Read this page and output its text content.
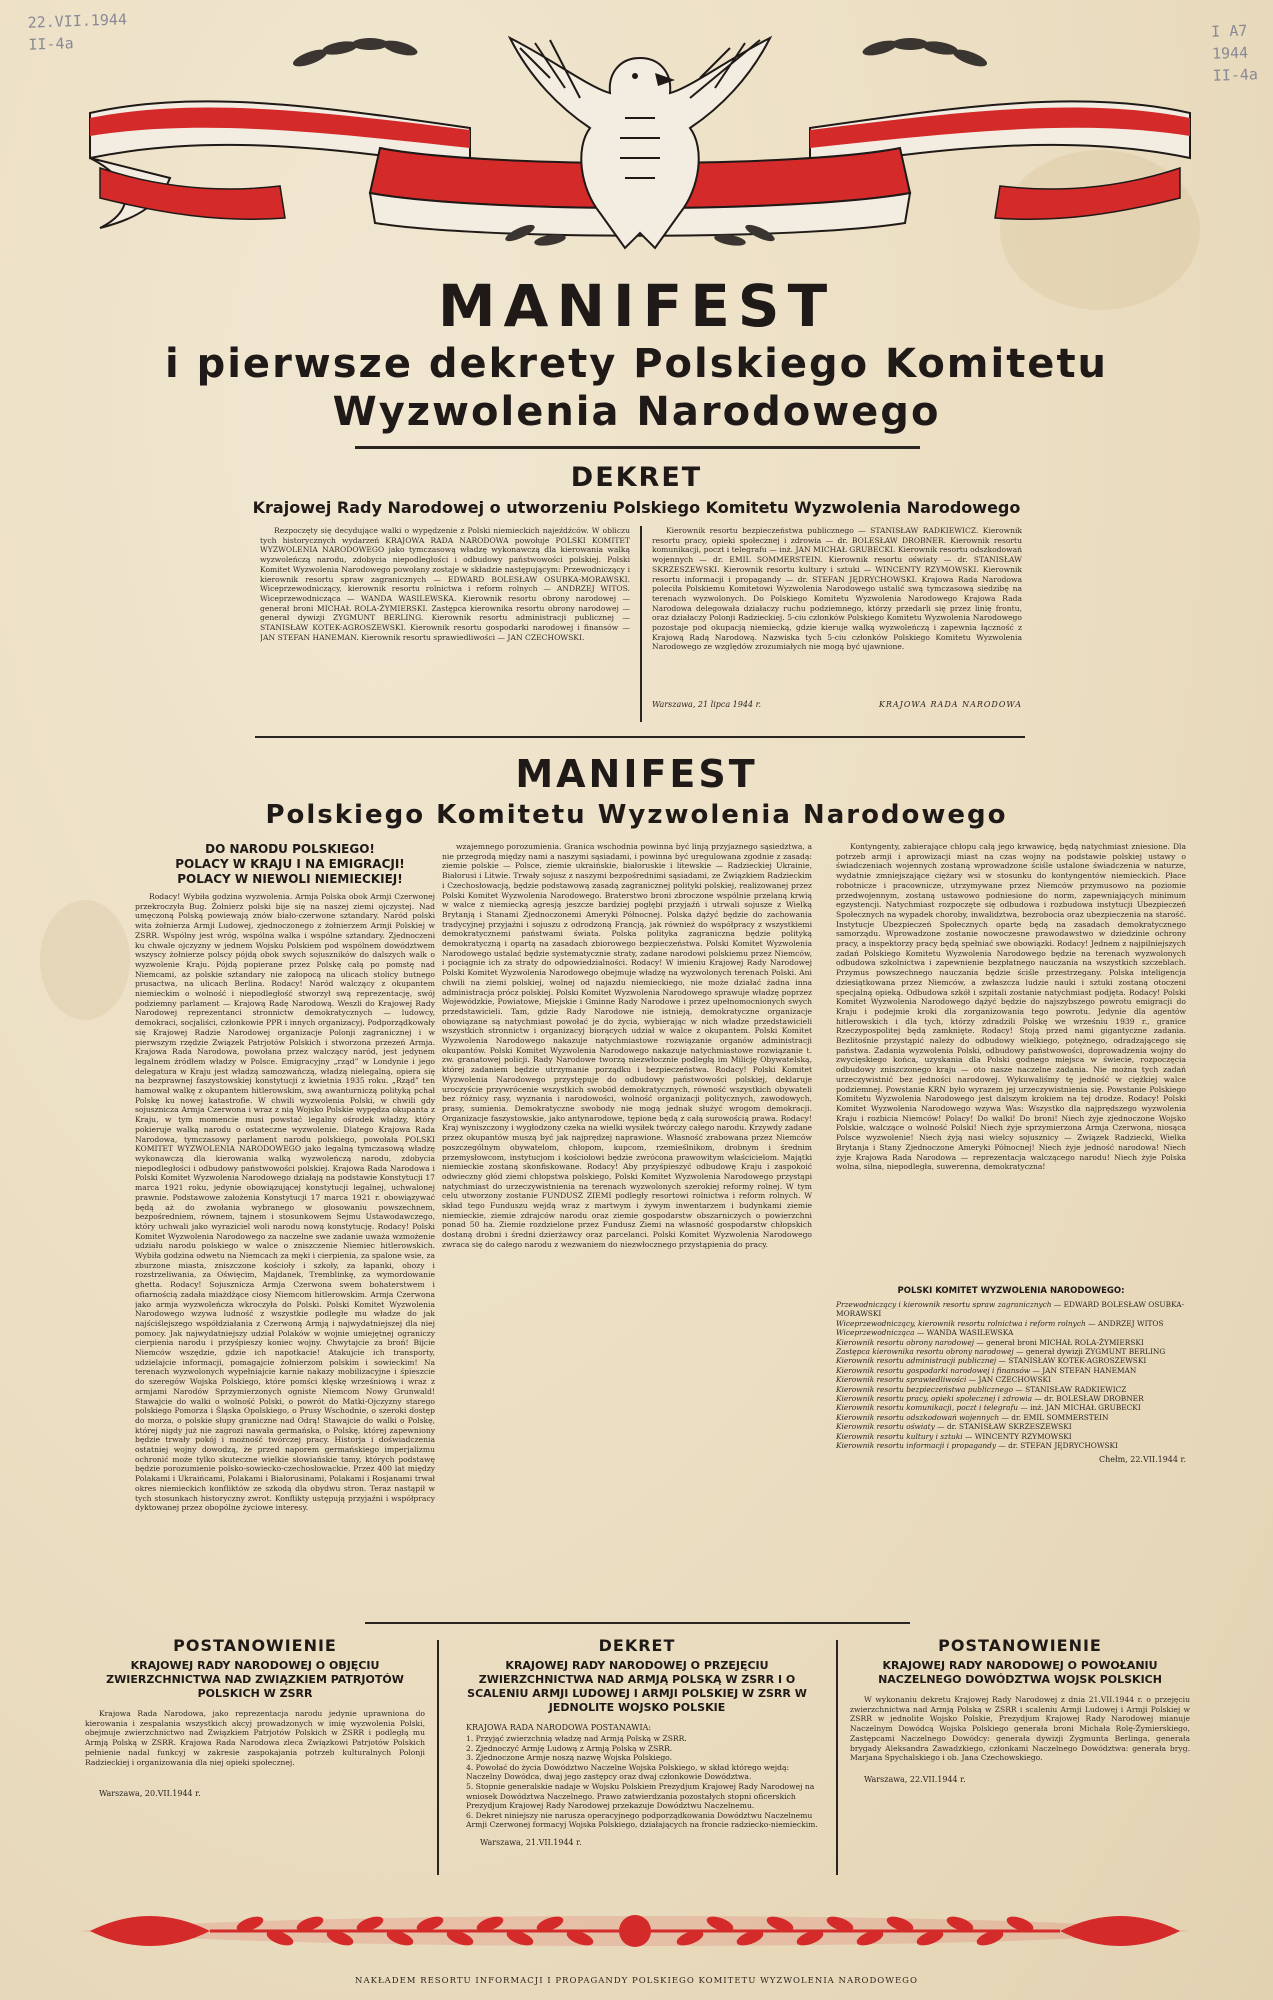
22.VII.1944
II-4a
I A7
1944
II-4a
MANIFEST
i pierwsze dekrety Polskiego Komitetu
Wyzwolenia Narodowego
DEKRET
Krajowej Rady Narodowej o utworzeniu Polskiego Komitetu Wyzwolenia Narodowego

Rezpoczęty się decydujące walki o wypędzenie z Polski niemieckich najeźdźców. W obliczu tych historycznych wydarzeń KRAJOWA RADA NARODOWA powołuje POLSKI KOMITET WYZWOLENIA NARODOWEGO jako tymczasową władzę wykonawczą dla kierowania walką wyzwoleńczą narodu, zdobycia niepodległości i odbudowy państwowości polskiej. Polski Komitet Wyzwolenia Narodowego powołany zostaje w składzie następującym: Przewodniczący i kierownik resortu spraw zagranicznych — EDWARD BOLESŁAW OSUBKA-MORAWSKI. Wiceprzewodniczący, kierownik resortu rolnictwa i reform rolnych — ANDRZEJ WITOS. Wiceprzewodnicząca — WANDA WASILEWSKA. Kierownik resortu obrony narodowej — generał broni MICHAŁ ROLA-ŻYMIERSKI. Zastępca kierownika resortu obrony narodowej — generał dywizji ZYGMUNT BERLING. Kierownik resortu administracji publicznej — STANISŁAW KOTEK-AGROSZEWSKI. Kierownik resortu gospodarki narodowej i finansów — JAN STEFAN HANEMAN. Kierownik resortu sprawiedliwości — JAN CZECHOWSKI.

Kierownik resortu bezpieczeństwa publicznego — STANISŁAW RADKIEWICZ. Kierownik resortu pracy, opieki społecznej i zdrowia — dr. BOLESŁAW DROBNER. Kierownik resortu komunikacji, poczt i telegrafu — inż. JAN MICHAŁ GRUBECKI. Kierownik resortu odszkodowań wojennych — dr. EMIL SOMMERSTEIN. Kierownik resortu oświaty — dr. STANISŁAW SKRZESZEWSKI. Kierownik resortu kultury i sztuki — WINCENTY RZYMOWSKI. Kierownik resortu informacji i propagandy — dr. STEFAN JĘDRYCHOWSKI. Krajowa Rada Narodowa poleciła Polskiemu Komitetowi Wyzwolenia Narodowego ustalić swą tymczasową siedzibę na terenach wyzwolonych. Do Polskiego Komitetu Wyzwolenia Narodowego Krajowa Rada Narodowa delegowała działaczy ruchu podziemnego, którzy przedarli się przez linię frontu, oraz działaczy Polonji Radzieckiej. 5-ciu członków Polskiego Komitetu Wyzwolenia Narodowego pozostaje pod okupacją niemiecką, gdzie kieruje walką wyzwoleńczą i zapewnia łączność z Krajową Radą Narodową. Nazwiska tych 5-ciu członków Polskiego Komitetu Wyzwolenia Narodowego ze względów zrozumiałych nie mogą być ujawnione.

Warszawa, 21 lipca 1944 r.	KRAJOWA RADA NARODOWA
MANIFEST
Polskiego Komitetu Wyzwolenia Narodowego
DO NARODU POLSKIEGO!
POLACY W KRAJU I NA EMIGRACJI!
POLACY W NIEWOLI NIEMIECKIEJ!

Rodacy! Wybiła godzina wyzwolenia. Armja Polska obok Armji Czerwonej przekroczyła Bug. Żołnierz polski bije się na naszej ziemi ojczystej. Nad umęczoną Polską powiewają znów biało-czerwone sztandary. Naród polski wita żołnierza Armji Ludowej, zjednoczonego z żołnierzem Armji Polskiej w ZSRR. Wspólny jest wróg, wspólna walka i wspólne sztandary. Zjednoczeni ku chwale ojczyzny w jednem Wojsku Polskiem pod wspólnem dowództwem wszyscy żołnierze polscy pójdą obok swych sojuszników do dalszych walk o wyzwolenie Kraju. Pójdą popierane przez Polskę całą po pomstę nad Niemcami, az polskie sztandary nie załopocą na ulicach stolicy butnego prusactwa, na ulicach Berlina. Rodacy! Naród walczący z okupantem niemieckim o wolność i niepodległość stworzył swą reprezentację, swój podziemny parlament — Krajową Radę Narodową. Weszli do Krajowej Rady Narodowej reprezentanci stronnictw demokratycznych — ludowcy, demokraci, socjaliści, członkowie PPR i innych organizacyj. Podporządkowały się Krajowej Radzie Narodowej organizacje Polonji zagranicznej i w pierwszym rzędzie Związek Patrjotów Polskich i stworzona przezeń Armja. Krajowa Rada Narodowa, powołana przez walczący naród, jest jedynem legalnem źródłem władzy w Polsce. Emigracyjny „rząd” w Londynie i jego delegatura w Kraju jest władzą samozwańczą, władzą nielegalną, opiera się na bezprawnej faszystowskiej konstytucji z kwietnia 1935 roku. „Rząd” ten hamował walkę z okupantem hitlerowskim, swą awanturniczą polityką pchał Polskę ku nowej katastrofie. W chwili wyzwolenia Polski, w chwili gdy sojusznicza Armja Czerwona i wraz z nią Wojsko Polskie wypędza okupanta z Kraju, w tym momencie musi powstać legalny ośrodek władzy, który pokieruje walką narodu o ostateczne wyzwolenie. Dlatego Krajowa Rada Narodowa, tymczasowy parlament narodu polskiego, powołała POLSKI KOMITET WYZWOLENIA NARODOWEGO jako legalną tymczasową władzę wykonawczą dla kierowania walką wyzwoleńczą narodu, zdobycia niepodległości i odbudowy państwowości polskiej. Krajowa Rada Narodowa i Polski Komitet Wyzwolenia Narodowego działają na podstawie Konstytucji 17 marca 1921 roku, jedynie obowiązującej konstytucji legalnej, uchwalonej prawnie. Podstawowe założenia Konstytucji 17 marca 1921 r. obowiązywać będą aż do zwołania wybranego w głosowaniu powszechnem, bezpośredniem, równem, tajnem i stosunkowem Sejmu Ustawodawczego, który uchwali jako wyraziciel woli narodu nową konstytucję. Rodacy! Polski Komitet Wyzwolenia Narodowego za naczelne swe zadanie uważa wzmożenie udziału narodu polskiego w walce o zniszczenie Niemiec hitlerowskich. Wybiła godzina odwetu na Niemcach za męki i cierpienia, za spalone wsie, za zburzone miasta, zniszczone kościoły i szkoły, za łapanki, obozy i rozstrzeliwania, za Oświęcim, Majdanek, Tremblinkę, za wymordowanie ghetta. Rodacy! Sojusznicza Armja Czerwona swem bohaterstwem i ofiarnością zadała miażdżące ciosy Niemcom hitlerowskim. Armja Czerwona jako armja wyzwoleńcza wkroczyła do Polski. Polski Komitet Wyzwolenia Narodowego wzywa ludność z wszystkie podległe mu władze do jak najściślejszego współdziałania z Czerwoną Armją i najwydatniejszej dla niej pomocy. Jak najwydatniejszy udział Polaków w wojnie umiejętnej ograniczy cierpienia narodu i przyśpieszy koniec wojny. Chwytajcie za broń! Bijcie Niemców wszędzie, gdzie ich napotkacie! Atakujcie ich transporty, udzielajcie informacji, pomagajcie żołnierzom polskim i sowieckim! Na terenach wyzwolonych wypełniajcie karnie nakazy mobilizacyjne i śpieszcie do szeregów Wojska Polskiego, które pomści klęskę wrześniową i wraz z armjami Narodów Sprzymierzonych ogniste Niemcom Nowy Grunwald! Stawajcie do walki o wolność Polski, o powrót do Matki-Ojczyzny starego polskiego Pomorza i Śląska Opolskiego, o Prusy Wschodnie, o szeroki dostęp do morza, o polskie słupy graniczne nad Odrą! Stawajcie do walki o Polskę, której nigdy już nie zagrozi nawała germańska, o Polskę, której zapewniony będzie trwały pokój i możność twórczej pracy. Historja i doświadczenia ostatniej wojny dowodzą, że przed naporem germańskiego imperjalizmu ochronić może tylko skuteczne wielkie słowiańskie tamy, których podstawę będzie porozumienie polsko-sowiecko-czechosłowackie. Przez 400 lat między Polakami i Ukraińcami, Polakami i Białorusinami, Polakami i Rosjanami trwał okres niemieckich konfliktów ze szkodą dla obydwu stron. Teraz nastąpił w tych stosunkach historyczny zwrot. Konflikty ustępują przyjaźni i współpracy dyktowanej przez obopólne życiowe interesy.

wzajemnego porozumienia. Granica wschodnia powinna być linją przyjaznego sąsiedztwa, a nie przegrodą między nami a naszymi sąsiadami, i powinna być uregulowana zgodnie z zasadą: ziemie polskie — Polsce, ziemie ukraińskie, białoruskie i litewskie — Radzieckiej Ukrainie, Białorusi i Litwie. Trwały sojusz z naszymi bezpośrednimi sąsiadami, ze Związkiem Radzieckim i Czechosłowacją, będzie podstawową zasadą zagranicznej polityki polskiej, realizowanej przez Polski Komitet Wyzwolenia Narodowego. Braterstwo broni zbroczone wspólnie przelaną krwią w walce z niemiecką agresją jeszcze bardziej pogłębi przyjaźń i utrwali sojusze z Wielką Brytanją i Stanami Zjednoczonemi Ameryki Północnej. Polska dążyć będzie do zachowania tradycyjnej przyjaźni i sojuszu z odrodzoną Francją, jak również do współpracy z wszystkiemi demokratycznemi państwami świata. Polska polityka zagraniczna będzie polityką demokratyczną i opartą na zasadach zbiorowego bezpieczeństwa. Polski Komitet Wyzwolenia Narodowego ustalać będzie systematycznie straty, zadane narodowi polskiemu przez Niemców, i pociągnie ich za straty do odpowiedzialności. Rodacy! W imieniu Krajowej Rady Narodowej Polski Komitet Wyzwolenia Narodowego obejmuje władzę na wyzwolonych terenach Polski. Ani chwili na ziemi polskiej, wolnej od najazdu niemieckiego, nie może działać żadna inna administracja prócz polskiej. Polski Komitet Wyzwolenia Narodowego sprawuje władzę poprzez Wojewódzkie, Powiatowe, Miejskie i Gminne Rady Narodowe i przez upełnomocnionych swych przedstawicieli. Tam, gdzie Rady Narodowe nie istnieją, demokratyczne organizacje obowiązane są natychmiast powołać je do życia, wybierając w nich władze przedstawicieli wszystkich stronnictw i organizacyj biorących udział w walce z okupantem. Polski Komitet Wyzwolenia Narodowego nakazuje natychmiastowe rozwiązanie organów administracji okupantów. Polski Komitet Wyzwolenia Narodowego nakazuje natychmiastowe rozwiązanie t. zw. granatowej policji. Rady Narodowe tworzą niezwłocznie podległą im Milicję Obywatelską, której zadaniem będzie utrzymanie porządku i bezpieczeństwa. Rodacy! Polski Komitet Wyzwolenia Narodowego przystępuje do odbudowy państwowości polskiej, deklaruje uroczyście przywrócenie wszystkich swobód demokratycznych, równość wszystkich obywateli bez różnicy rasy, wyznania i narodowości, wolność organizacji politycznych, zawodowych, prasy, sumienia. Demokratyczne swobody nie mogą jednak służyć wrogom demokracji. Organizacje faszystowskie, jako antynarodowe, tępione będą z całą surowością prawa. Rodacy! Kraj wyniszczony i wygłodzony czeka na wielki wysiłek twórczy całego narodu. Krzywdy zadane przez okupantów muszą być jak najprędzej naprawione. Własność zrabowana przez Niemców poszczególnym obywatelom, chłopom, kupcom, rzemieślnikom, drobnym i średnim przemysłowcom, instytucjom i kościołowi będzie zwrócona prawowitym właścicielom. Majątki niemieckie zostaną skonfiskowane. Rodacy! Aby przyśpieszyć odbudowę Kraju i zaspokoić odwieczny głód ziemi chłopstwa polskiego, Polski Komitet Wyzwolenia Narodowego przystąpi natychmiast do urzeczywistnienia na terenach wyzwolonych szerokiej reformy rolnej. W tym celu utworzony zostanie FUNDUSZ ZIEMI podległy resortowi rolnictwa i reform rolnych. W skład tego Funduszu wejdą wraz z martwym i żywym inwentarzem i budynkami ziemie niemieckie, ziemie zdrajców narodu oraz ziemie gospodarstw obszarniczych o powierzchni ponad 50 ha. Ziemie rozdzielone przez Fundusz Ziemi na własność gospodarstw chłopskich dostaną drobni i średni dzierżawcy oraz parcelanci. Polski Komitet Wyzwolenia Narodowego zwraca się do całego narodu z wezwaniem do niezwłocznego przystąpienia do pracy.

Kontyngenty, zabierające chłopu całą jego krwawicę, będą natychmiast zniesione. Dla potrzeb armji i aprowizacji miast na czas wojny na podstawie polskiej ustawy o świadczeniach wojennych zostaną wprowadzone ściśle ustalone świadczenia w naturze, wydatnie zmniejszające ciężary wsi w stosunku do kontyngentów niemieckich. Płace robotnicze i pracownicze, utrzymywane przez Niemców przymusowo na poziomie przedwojennym, zostaną ustawowo podniesione do norm, zapewniających minimum egzystencji. Natychmiast rozpoczęte się odbudowa i rozbudowa instytucji Ubezpieczeń Społecznych na wypadek choroby, inwalidztwa, bezrobocia oraz ubezpieczenia na starość. Instytucje Ubezpieczeń Społecznych oparte będą na zasadach demokratycznego samorządu. Wprowadzone zostanie nowoczesne prawodawstwo w dziedzinie ochrony pracy, a inspektorzy pracy będą spełniać swe obowiązki. Rodacy! Jednem z najpilniejszych zadań Polskiego Komitetu Wyzwolenia Narodowego będzie na terenach wyzwolonych odbudowa szkolnictwa i zapewnienie bezpłatnego nauczania na wszystkich szczeblach. Przymus powszechnego nauczania będzie ściśle przestrzegany. Polska inteligencja dziesiątkowana przez Niemców, a zwłaszcza ludzie nauki i sztuki zostaną otoczeni specjalną opieką. Odbudowa szkół i szpitali zostanie natychmiast podjęta. Rodacy! Polski Komitet Wyzwolenia Narodowego dążyć będzie do najszybszego powrotu emigracji do Kraju i podejmie kroki dla zorganizowania tego powrotu. Jedynie dla agentów hitlerowskich i dla tych, którzy zdradzili Polskę we wrześniu 1939 r., granice Rzeczypospolitej będą zamknięte. Rodacy! Stoją przed nami gigantyczne zadania. Bezlitośnie przystąpić należy do odbudowy wielkiego, potężnego, odradzającego się państwa. Zadania wyzwolenia Polski, odbudowy państwowości, doprowadzenia wojny do zwycięskiego końca, uzyskania dla Polski godnego miejsca w świecie, rozpoczęcia odbudowy zniszczonego kraju — oto nasze naczelne zadania. Nie można tych zadań urzeczywistnić bez jedności narodowej. Wykuwaliśmy tę jedność w ciężkiej walce podziemnej. Powstanie KRN było wyrazem jej urzeczywistnienia się. Powstanie Polskiego Komitetu Wyzwolenia Narodowego jest dalszym krokiem na tej drodze. Rodacy! Polski Komitet Wyzwolenia Narodowego wzywa Was: Wszystko dla najprędszego wyzwolenia Kraju i rozbicia Niemców! Polacy! Do walki! Do broni! Niech żyje zjednoczone Wojsko Polskie, walczące o wolność Polski! Niech żyje sprzymierzona Armja Czerwona, niosąca Polsce wyzwolenie! Niech żyją nasi wielcy sojusznicy — Związek Radziecki, Wielka Brytanja i Stany Zjednoczone Ameryki Północnej! Niech żyje jedność narodowa! Niech żyje Krajowa Rada Narodowa — reprezentacja walczącego narodu! Niech żyje Polska wolna, silna, niepodległa, suwerenna, demokratyczna!

POLSKI KOMITET WYZWOLENIA NARODOWEGO:
Przewodniczący i kierownik resortu spraw zagranicznych — EDWARD BOLESŁAW OSUBKA-MORAWSKI
Wiceprzewodniczący, kierownik resortu rolnictwa i reform rolnych — ANDRZEJ WITOS
Wiceprzewodnicząca — WANDA WASILEWSKA
Kierownik resortu obrony narodowej — generał broni MICHAŁ ROLA-ŻYMIERSKI
Zastępca kierownika resortu obrony narodowej — generał dywizji ZYGMUNT BERLING
Kierownik resortu administracji publicznej — STANISŁAW KOTEK-AGROSZEWSKI
Kierownik resortu gospodarki narodowej i finansów — JAN STEFAN HANEMAN
Kierownik resortu sprawiedliwości — JAN CZECHOWSKI
Kierownik resortu bezpieczeństwa publicznego — STANISŁAW RADKIEWICZ
Kierownik resortu pracy, opieki społecznej i zdrowia — dr. BOLESŁAW DROBNER
Kierownik resortu komunikacji, poczt i telegrafu — inż. JAN MICHAŁ GRUBECKI
Kierownik resortu odszkodowań wojennych — dr. EMIL SOMMERSTEIN
Kierownik resortu oświaty — dr. STANISŁAW SKRZESZEWSKI
Kierownik resortu kultury i sztuki — WINCENTY RZYMOWSKI
Kierownik resortu informacji i propagandy — dr. STEFAN JĘDRYCHOWSKI
Chełm, 22.VII.1944 r.
POSTANOWIENIE
KRAJOWEJ RADY NARODOWEJ O OBJĘCIU ZWIERZCHNICTWA NAD ZWIĄZKIEM PATRJOTÓW POLSKICH W ZSRR

Krajowa Rada Narodowa, jako reprezentacja narodu jedynie uprawniona do kierowania i zespalania wszystkich akcyj prowadzonych w imię wyzwolenia Polski, obejmuje zwierzchnictwo nad Związkiem Patrjotów Polskich w ZSRR i podległą mu Armją Polską w ZSRR. Krajowa Rada Narodowa zleca Związkowi Patrjotów Polskich pełnienie nadal funkcyj w zakresie zaspokajania potrzeb kulturalnych Polonji Radzieckiej i organizowania dla niej opieki społecznej.

Warszawa, 20.VII.1944 r.
DEKRET
KRAJOWEJ RADY NARODOWEJ O PRZEJĘCIU ZWIERZCHNICTWA NAD ARMJĄ POLSKĄ W ZSRR I O SCALENIU ARMJI LUDOWEJ I ARMJI POLSKIEJ W ZSRR W JEDNOLITE WOJSKO POLSKIE
KRAJOWA RADA NARODOWA POSTANAWIA:
1. Przyjąć zwierzchnią władzę nad Armją Polską w ZSRR.
2. Zjednoczyć Armję Ludową z Armją Polską w ZSRR.
3. Zjednoczone Armje noszą nazwę Wojska Polskiego.
4. Powołać do życia Dowództwo Naczelne Wojska Polskiego, w skład którego wejdą: Naczelny Dowódca, dwaj jego zastępcy oraz dwaj członkowie Dowództwa.
5. Stopnie generalskie nadaje w Wojsku Polskiem Prezydjum Krajowej Rady Narodowej na wniosek Dowództwa Naczelnego. Prawo zatwierdzania pozostałych stopni oficerskich Prezydjum Krajowej Rady Narodowej przekazuje Dowództwu Naczelnemu.
6. Dekret niniejszy nie narusza operacyjnego podporządkowania Dowództwu Naczelnemu Armji Czerwonej formacyj Wojska Polskiego, działających na froncie radziecko-niemieckim.
Warszawa, 21.VII.1944 r.
POSTANOWIENIE
KRAJOWEJ RADY NARODOWEJ O POWOŁANIU NACZELNEGO DOWÓDZTWA WOJSK POLSKICH

W wykonaniu dekretu Krajowej Rady Narodowej z dnia 21.VII.1944 r. o przejęciu zwierzchnictwa nad Armją Polską w ZSRR i scaleniu Armji Ludowej i Armji Polskiej w ZSRR w jednolite Wojsko Polskie, Prezydjum Krajowej Rady Narodowej mianuje Naczelnym Dowódcą Wojska Polskiego generała broni Michała Rolę-Żymierskiego, Zastępcami Naczelnego Dowódcy: generała dywizji Zygmunta Berlinga, generała brygady Aleksandra Zawadzkiego, członkami Naczelnego Dowództwa: generała bryg. Marjana Spychalskiego i ob. Jana Czechowskiego.

Warszawa, 22.VII.1944 r.
NAKŁADEM RESORTU INFORMACJI I PROPAGANDY POLSKIEGO KOMITETU WYZWOLENIA NARODOWEGO
